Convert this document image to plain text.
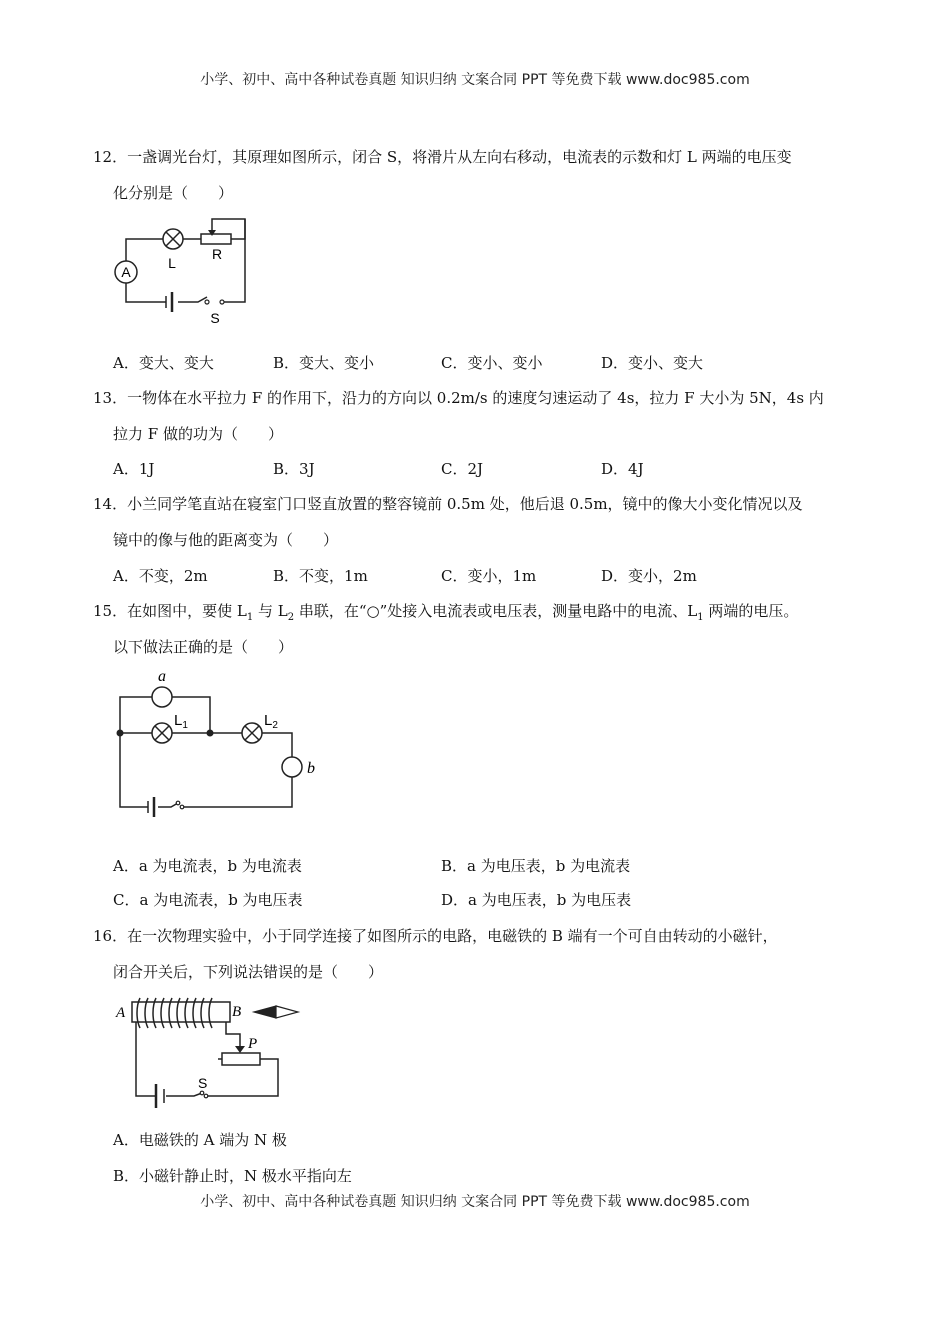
小学、初中、高中各种试卷真题 知识归纳 文案合同 PPT 等免费下载 www.doc985.com
12．一盏调光台灯，其原理如图所示，闭合 S，将滑片从左向右移动，电流表的示数和灯 L 两端的电压变
化分别是（　　）
A
L
R
S
A．变大、变大	B．变大、变小	C．变小、变小	D．变小、变大
13．一物体在水平拉力 F 的作用下，沿力的方向以 0.2m/s 的速度匀速运动了 4s，拉力 F 大小为 5N，4s 内
拉力 F 做的功为（　　）
A．1J	B．3J	C．2J	D．4J
14．小兰同学笔直站在寝室门口竖直放置的整容镜前 0.5m 处，他后退 0.5m，镜中的像大小变化情况以及
镜中的像与他的距离变为（　　）
A．不变，2m	B．不变，1m	C．变小，1m	D．变小，2m
15．在如图中，要使 $L_1$ 与 $L_2$ 串联，在“○”处接入电流表或电压表，测量电路中的电流、$L_1$ 两端的电压。
以下做法正确的是（　　）
a
$L_1$	$L_2$
b
A．a 为电流表，b 为电流表	B．a 为电压表，b 为电流表
C．a 为电流表，b 为电压表	D．a 为电压表，b 为电压表
16．在一次物理实验中，小于同学连接了如图所示的电路，电磁铁的 B 端有一个可自由转动的小磁针，
闭合开关后，下列说法错误的是（　　）
A	B
P
S
A．电磁铁的 A 端为 N 极
B．小磁针静止时，N 极水平指向左
小学、初中、高中各种试卷真题 知识归纳 文案合同 PPT 等免费下载 www.doc985.com
